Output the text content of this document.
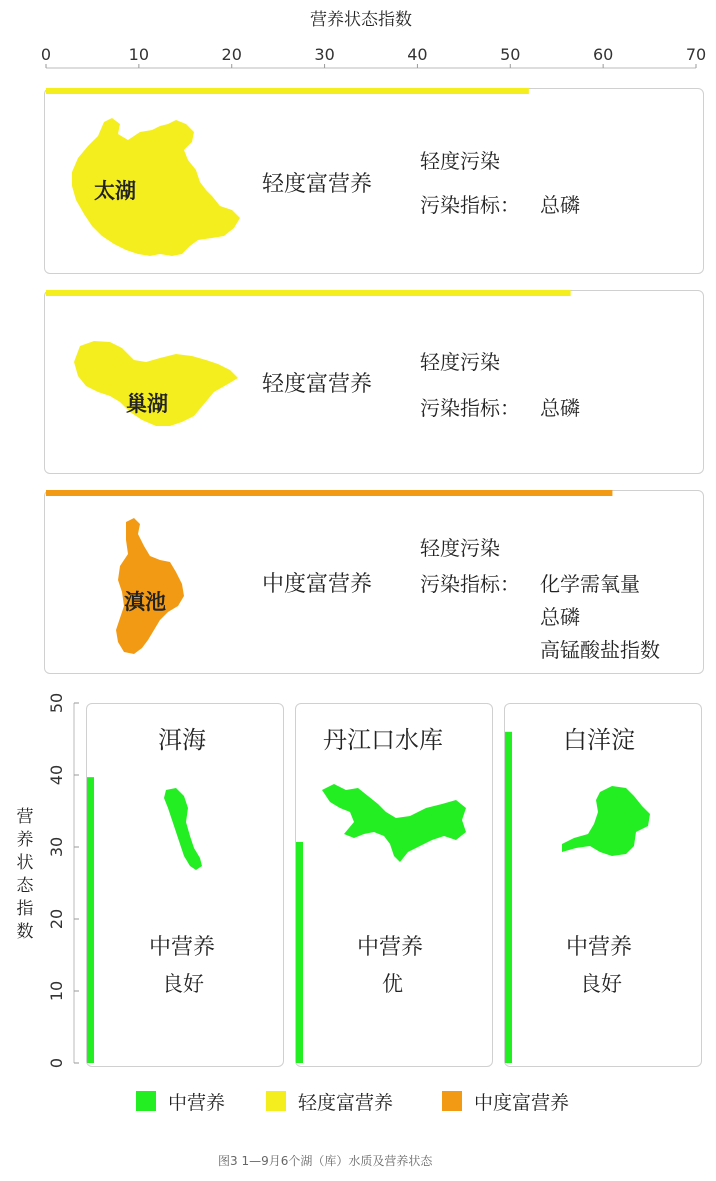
营养状态指数
0	10	20	30	40	50	60	70
0
10
20
30
40
50
太湖	轻度富营养
轻度污染
污染指标： 总磷
巢湖
轻度富营养
轻度污染
污染指标： 总磷
滇池
中度富营养
轻度污染
污染指标： 化学需氧量
总磷
高锰酸盐指数
营养状态指数
洱海
中营养
良好
丹江口水库
中营养
优
白洋淀
中营养
良好
中营养	轻度富营养	中度富营养
图3 1—9月6个湖（库）水质及营养状态
